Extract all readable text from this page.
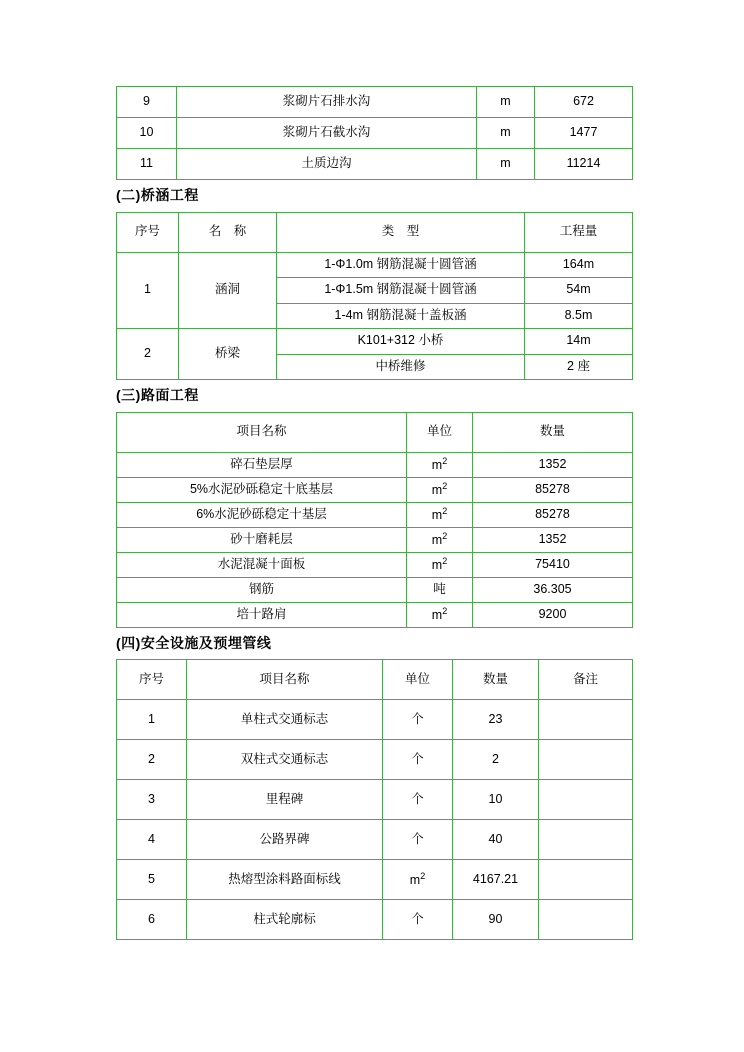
9	浆砌片石排水沟	m	672
10	浆砌片石截水沟	m	1477
11	土质边沟	m	11214
(二)桥涵工程
序号	名　称	类　型	工程量
1	涵洞	1-Φ1.0m 钢筋混凝十圆管涵	164m
		1-Φ1.5m 钢筋混凝十圆管涵	54m
		1-4m 钢筋混凝十盖板涵	8.5m
2	桥梁	K101+312 小桥	14m
		中桥维修	2 座
(三)路面工程
项目名称	单位	数量
碎石垫层厚	$m^2$	1352
5%水泥砂砾稳定十底基层	$m^2$	85278
6%水泥砂砾稳定十基层	$m^2$	85278
砂十磨耗层	$m^2$	1352
水泥混凝十面板	$m^2$	75410
钢筋	吨	36.305
培十路肩	$m^2$	9200
(四)安全设施及预埋管线
序号	项目名称	单位	数量	备注
1	单柱式交通标志	个	23	
2	双柱式交通标志	个	2	
3	里程碑	个	10	
4	公路界碑	个	40	
5	热熔型涂料路面标线	$m^2$	4167.21	
6	柱式轮廓标	个	90	
